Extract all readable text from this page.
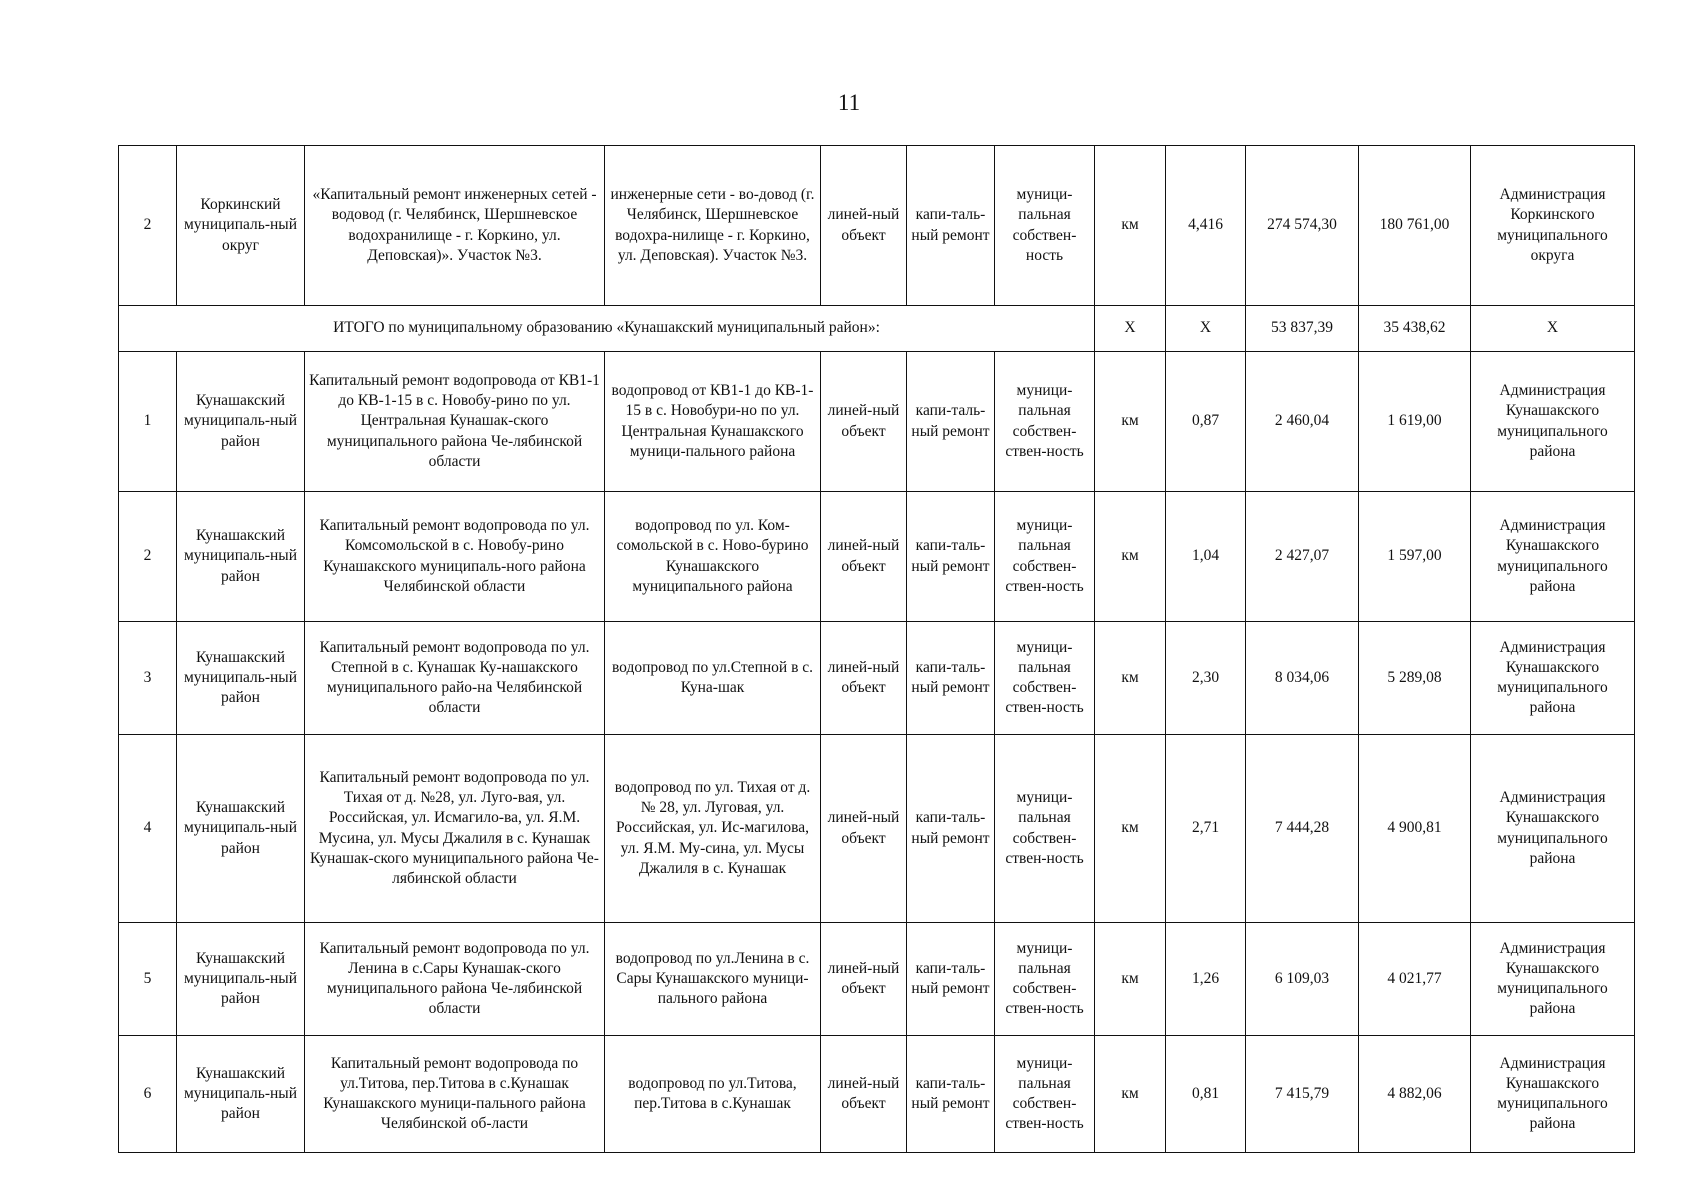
11
2	Коркинский муниципаль-ный округ	«Капитальный ремонт инженерных сетей - водовод (г. Челябинск, Шершневское водохранилище - г. Коркино, ул. Деповская)». Участок №3.	инженерные сети - во-довод (г. Челябинск, Шершневское водохра-нилище - г. Коркино, ул. Деповская). Участок №3.	линей-ный объект	капи-таль-ный ремонт	муници-пальная собствен-ность	км	4,416	274 574,30	180 761,00	Администрация Коркинского муниципального округа
ИТОГО по муниципальному образованию «Кунашакский муниципальный район»:							Х	Х	53 837,39	35 438,62	Х
1	Кунашакский муниципаль-ный район	Капитальный ремонт водопровода от КВ1-1 до КВ-1-15 в с. Новобу-рино по ул. Центральная Кунашак-ского муниципального района Че-лябинской области	водопровод от КВ1-1 до КВ-1-15 в с. Новобури-но по ул. Центральная Кунашакского муници-пального района	линей-ный объект	капи-таль-ный ремонт	муници-пальная собствен-ствен-ность	км	0,87	2 460,04	1 619,00	Администрация Кунашакского муниципального района
2	Кунашакский муниципаль-ный район	Капитальный ремонт водопровода по ул. Комсомольской в с. Новобу-рино Кунашакского муниципаль-ного района Челябинской области	водопровод по ул. Ком-сомольской в с. Ново-бурино Кунашакского муниципального района	линей-ный объект	капи-таль-ный ремонт	муници-пальная собствен-ствен-ность	км	1,04	2 427,07	1 597,00	Администрация Кунашакского муниципального района
3	Кунашакский муниципаль-ный район	Капитальный ремонт водопровода по ул. Степной в с. Кунашак Ку-нашакского муниципального райо-на Челябинской области	водопровод по ул.Степной в с. Куна-шак	линей-ный объект	капи-таль-ный ремонт	муници-пальная собствен-ствен-ность	км	2,30	8 034,06	5 289,08	Администрация Кунашакского муниципального района
4	Кунашакский муниципаль-ный район	Капитальный ремонт водопровода по ул. Тихая от д. №28, ул. Луго-вая, ул. Российская, ул. Исмагило-ва, ул. Я.М. Мусина, ул. Мусы Джалиля в с. Кунашак Кунашак-ского муниципального района Че-лябинской области	водопровод по ул. Тихая от д. № 28, ул. Луговая, ул. Российская, ул. Ис-магилова, ул. Я.М. Му-сина, ул. Мусы Джалиля в с. Кунашак	линей-ный объект	капи-таль-ный ремонт	муници-пальная собствен-ствен-ность	км	2,71	7 444,28	4 900,81	Администрация Кунашакского муниципального района
5	Кунашакский муниципаль-ный район	Капитальный ремонт водопровода по ул. Ленина в с.Сары Кунашак-ского муниципального района Че-лябинской области	водопровод по ул.Ленина в с. Сары Кунашакского муници-пального района	линей-ный объект	капи-таль-ный ремонт	муници-пальная собствен-ствен-ность	км	1,26	6 109,03	4 021,77	Администрация Кунашакского муниципального района
6	Кунашакский муниципаль-ный район	Капитальный ремонт водопровода по ул.Титова, пер.Титова в с.Кунашак Кунашакского муници-пального района Челябинской об-ласти	водопровод по ул.Титова, пер.Титова в с.Кунашак	линей-ный объект	капи-таль-ный ремонт	муници-пальная собствен-ствен-ность	км	0,81	7 415,79	4 882,06	Администрация Кунашакского муниципального района
